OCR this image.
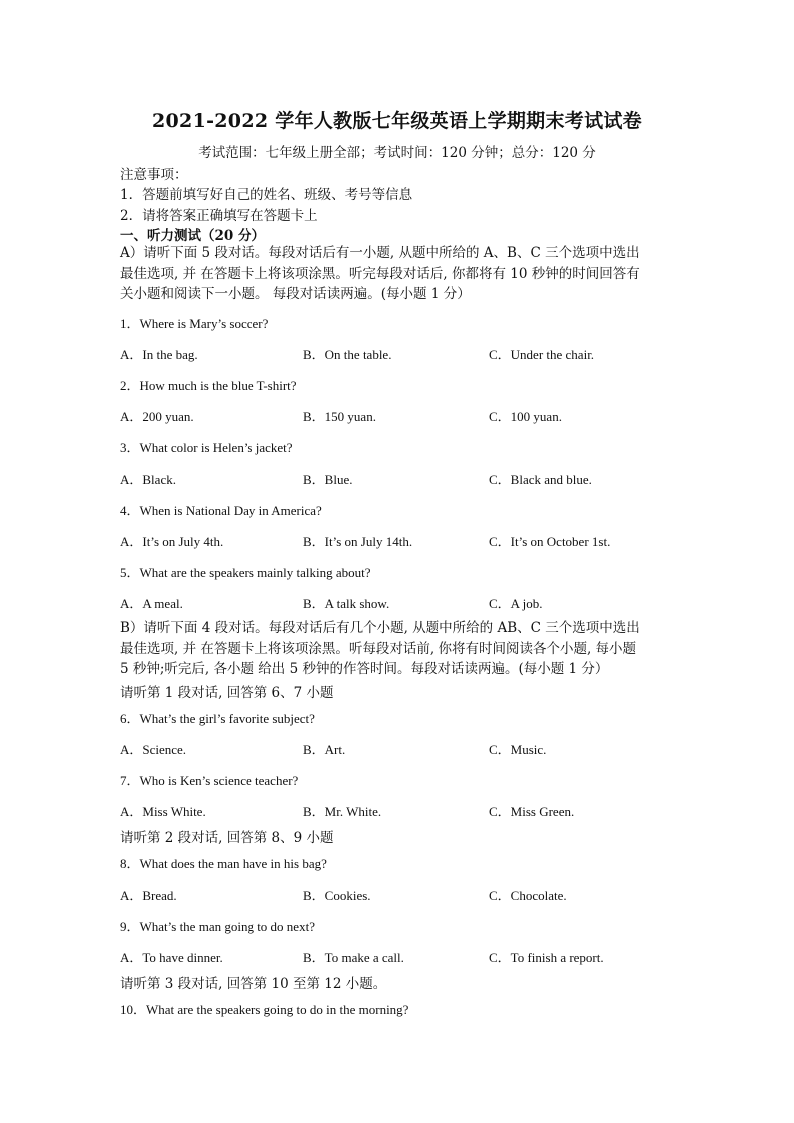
2021-2022 学年人教版七年级英语上学期期末考试试卷
考试范围：七年级上册全部；考试时间：120 分钟；总分：120 分
注意事项：
1．答题前填写好自己的姓名、班级、考号等信息
2．请将答案正确填写在答题卡上
一、听力测试（20 分）
A）请听下面 5 段对话。每段对话后有一小题, 从题中所给的 A、B、C 三个选项中选出
最佳选项, 并 在答题卡上将该项涂黑。听完每段对话后, 你都将有 10 秒钟的时间回答有
关小题和阅读下一小题。 每段对话读两遍。(每小题 1 分）
1．Where is Mary’s soccer?
A．In the bag.	B．On the table.	C．Under the chair.
2．How much is the blue T-shirt?
A．200 yuan.	B．150 yuan.	C．100 yuan.
3．What color is Helen’s jacket?
A．Black.	B．Blue.	C．Black and blue.
4．When is National Day in America?
A．It’s on July 4th.	B．It’s on July 14th.	C．It’s on October 1st.
5．What are the speakers mainly talking about?
A．A meal.	B．A talk show.	C．A job.
B）请听下面 4 段对话。每段对话后有几个小题, 从题中所给的 AB、C 三个选项中选出
最佳选项, 并 在答题卡上将该项涂黑。听每段对话前, 你将有时间阅读各个小题, 每小题
5 秒钟;听完后, 各小题 给出 5 秒钟的作答时间。每段对话读两遍。(每小题 1 分）
请听第 1 段对话, 回答第 6、7 小题
6．What’s the girl’s favorite subject?
A．Science.	B．Art.	C．Music.
7．Who is Ken’s science teacher?
A．Miss White.	B．Mr. White.	C．Miss Green.
请听第 2 段对话, 回答第 8、9 小题
8．What does the man have in his bag?
A．Bread.	B．Cookies.	C．Chocolate.
9．What’s the man going to do next?
A．To have dinner.	B．To make a call.	C．To finish a report.
请听第 3 段对话, 回答第 10 至第 12 小题。
10．What are the speakers going to do in the morning?
